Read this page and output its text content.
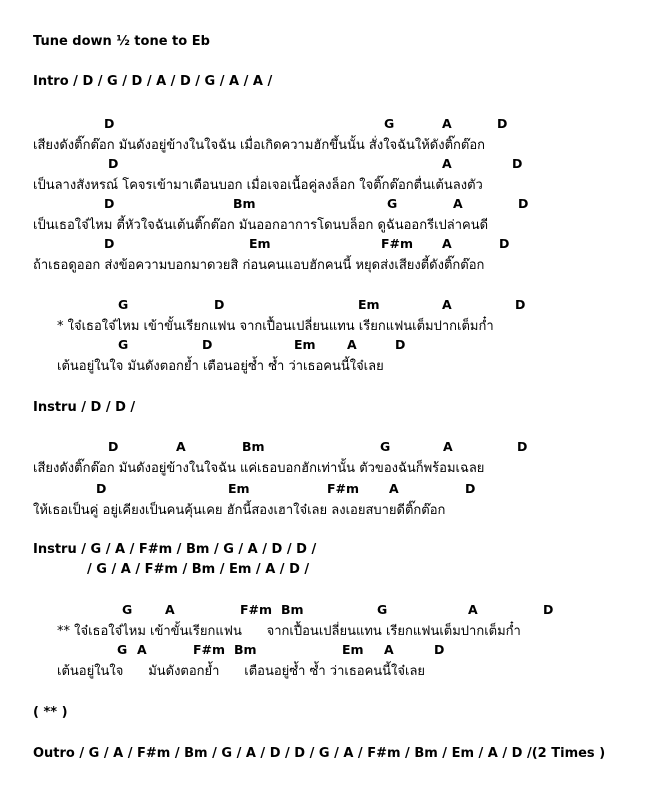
Tune down ½ tone to Eb
Intro / D / G / D / A / D / G / A / A /
D	G	A	D
เสียงดังติ๊กต๊อก มันดังอยู่ข้างในใจฉัน เมื่อเกิดความฮักขึ้นนั้น สั่งใจฉันให้ดังติ๊กต๊อก
D	A	D
เป็นลางสังหรณ์ โคจรเข้ามาเตือนบอก เมื่อเจอเนื้อคู่ลงล็อก ใจติ๊กต๊อกตื่นเต้นลงตัว
D	Bm	G	A	D
เป็นเธอใจ๋ไหม ตี้หัวใจฉันเต้นติ๊กต๊อก มันออกอาการโดนบล็อก ดูฉันออกรีเปล่าคนดี
D	Em	F#m A	D
ถ้าเธอดูออก ส่งข้อความบอกมาดวยสิ ก่อนคนแอบฮักคนนี้ หยุดส่งเสียงตี้ดังติ๊กต๊อก
G	D	Em	A	D
* ใจ๋เธอใจ๋ไหม เข้าขั้นเรียกแฟน จากเปื้อนเปลี่ยนแทน เรียกแฟนเต็มปากเต็มก๋ำ
G	D	Em	A	D
เต้นอยู่ในใจ มันดังตอกย้ำ เตือนอยู่ซ้ำ ซ้ำ ว่าเธอคนนี้ใจ๋เลย
Instru / D / D /
D	A	Bm	G	A	D
เสียงดังติ๊กต๊อก มันดังอยู่ข้างในใจฉัน แค่เธอบอกฮักเท่านั้น ตัวของฉันก็พร้อมเฉลย
D	Em	F#m A	D
ให้เธอเป็นคู่ อยู่เคียงเป็นคนคุ้นเคย ฮักนี้สองเฮาใจ๋เลย ลงเอยสบายดีติ๊กต๊อก
Instru / G / A / F#m / Bm / G / A / D / D /
/ G / A / F#m / Bm / Em / A / D /
G	A	F#m Bm	G	A	D
** ใจ๋เธอใจ๋ไหม เข้าขั้นเรียกแฟน      จากเปื้อนเปลี่ยนแทน เรียกแฟนเต็มปากเต็มก๋ำ
G A	F#m Bm	Em A	D
เต้นอยู่ในใจ      มันดังตอกย้ำ      เตือนอยู่ซ้ำ ซ้ำ ว่าเธอคนนี้ใจ๋เลย
( ** )
Outro / G / A / F#m / Bm / G / A / D / D / G / A / F#m / Bm / Em / A / D /(2 Times )
